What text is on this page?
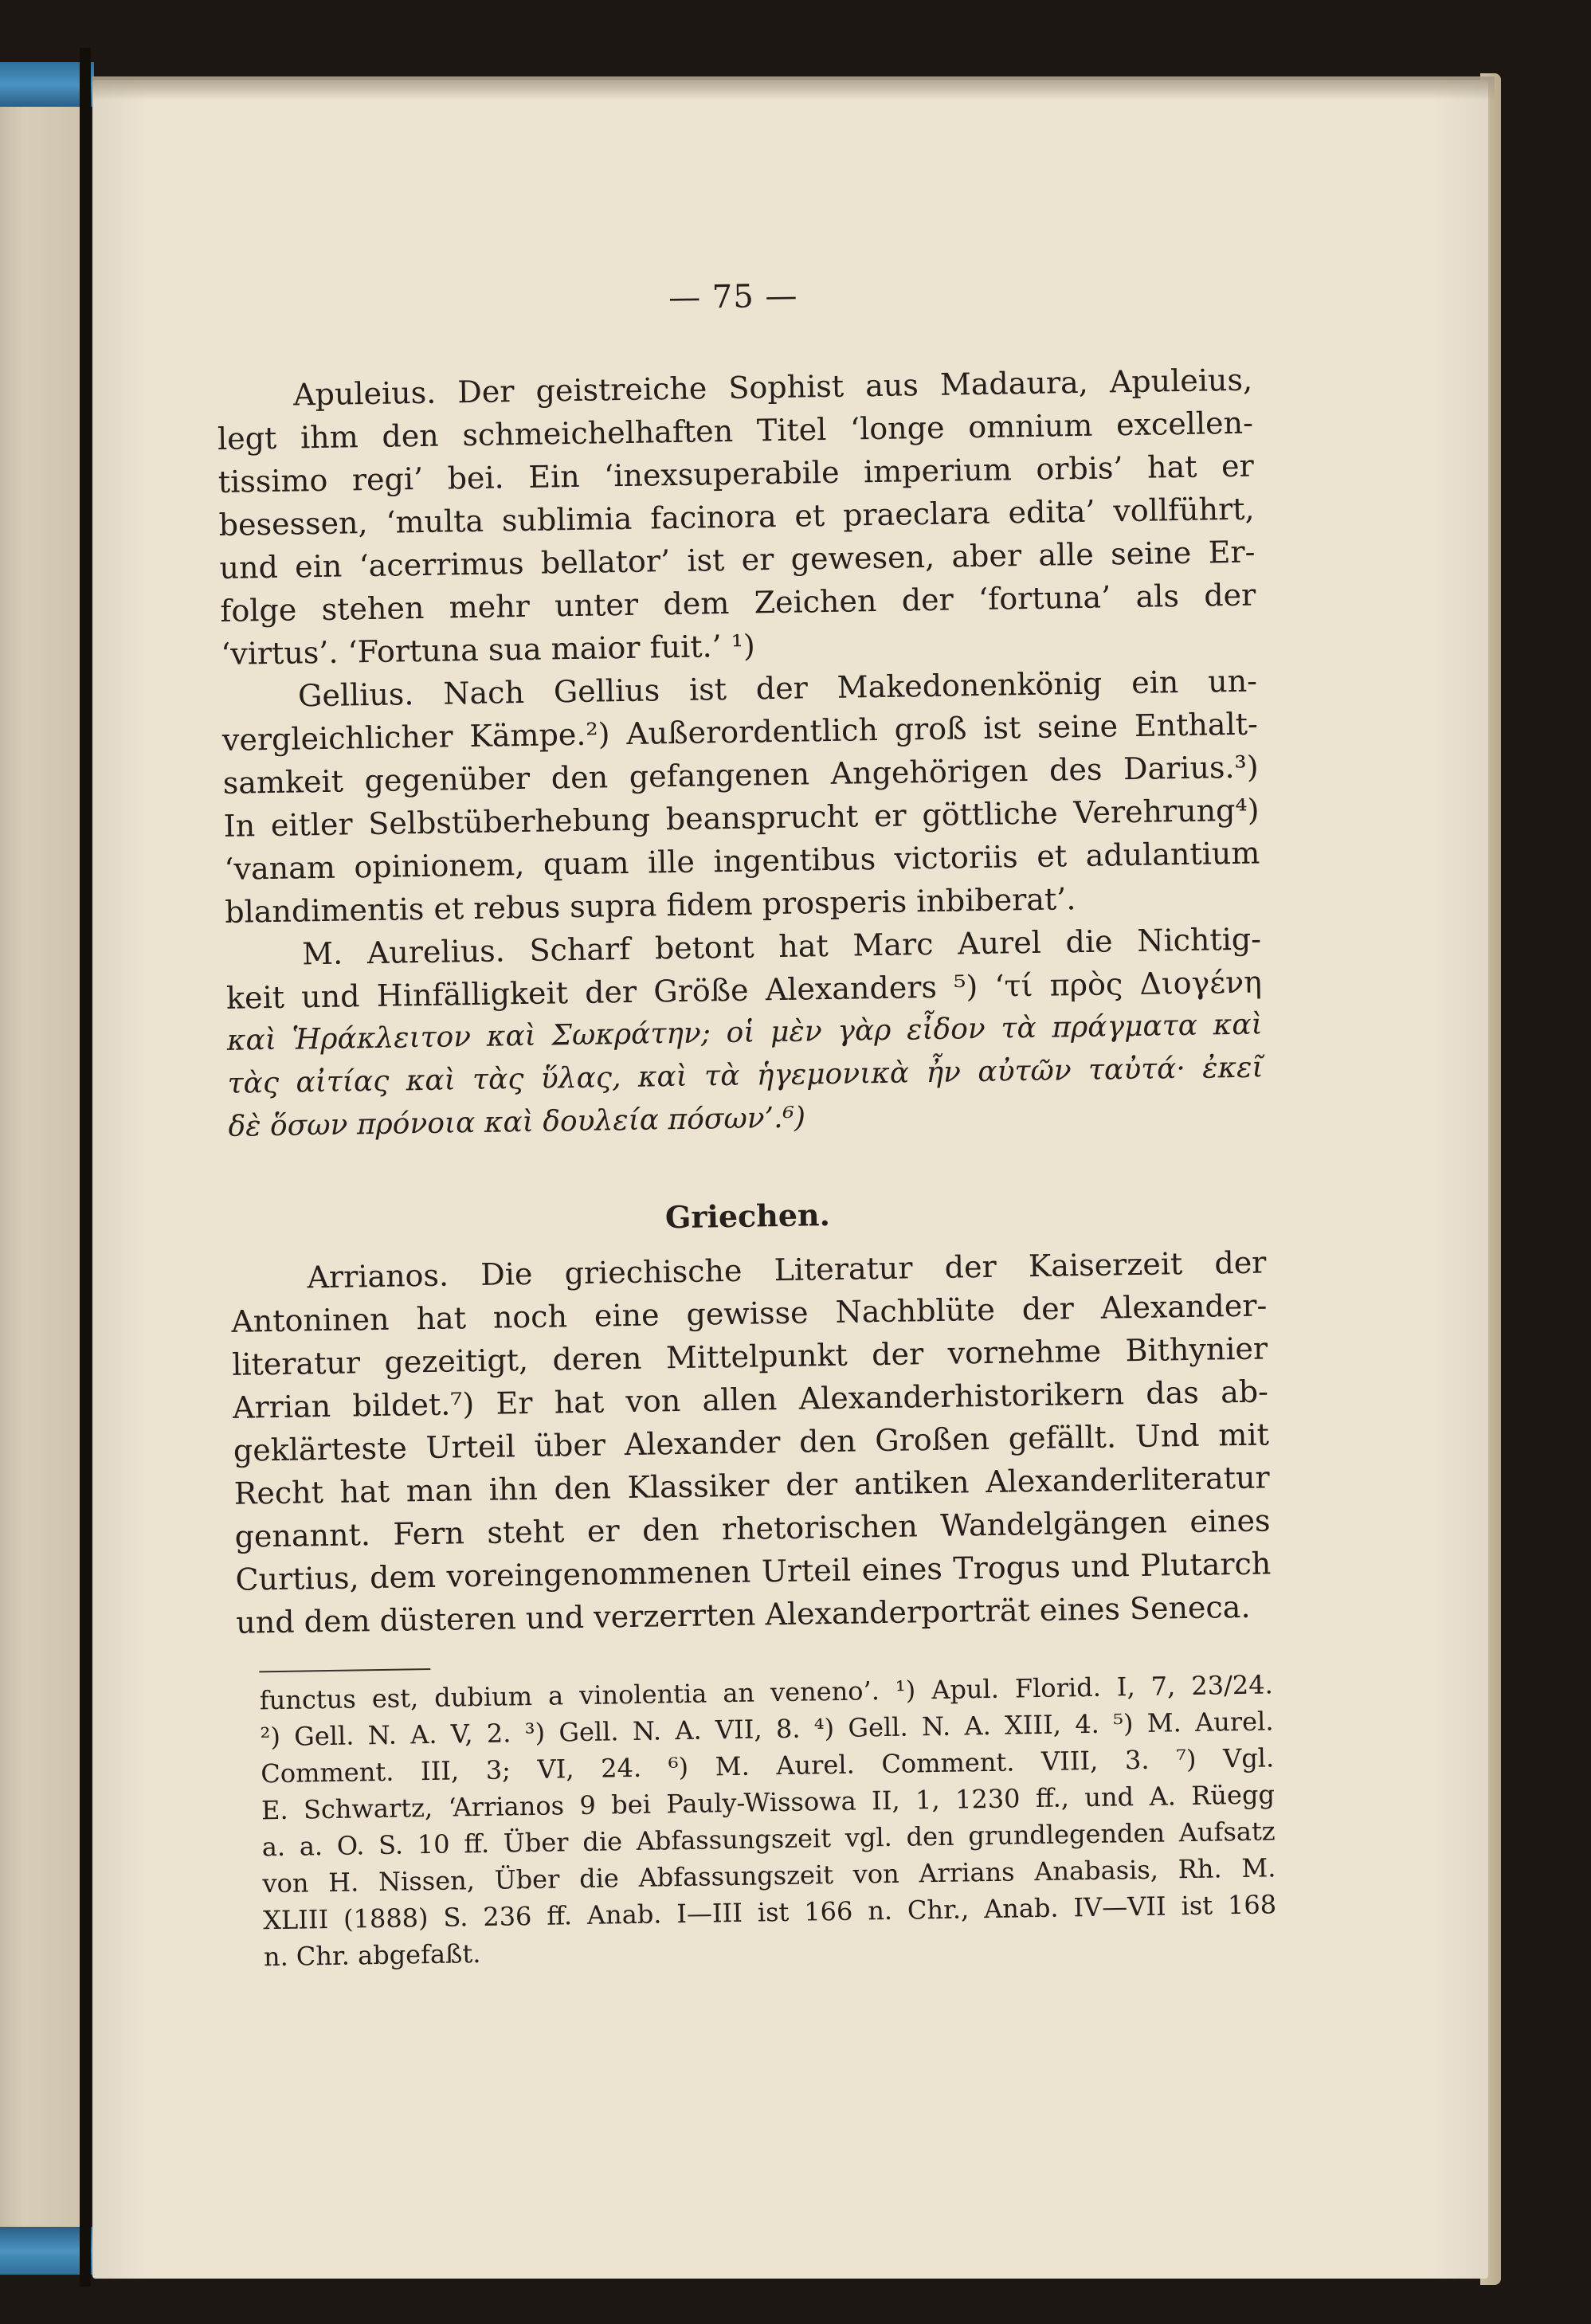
— 75 —
Apuleius. Der geistreiche Sophist aus Madaura, Apuleius,
legt ihm den schmeichelhaften Titel ‘longe omnium excellen-
tissimo regi’ bei. Ein ‘inexsuperabile imperium orbis’ hat er
besessen, ‘multa sublimia facinora et praeclara edita’ vollführt,
und ein ‘acerrimus bellator’ ist er gewesen, aber alle seine Er-
folge stehen mehr unter dem Zeichen der ‘fortuna’ als der
‘virtus’. ‘Fortuna sua maior fuit.’ ¹)
Gellius. Nach Gellius ist der Makedonenkönig ein un-
vergleichlicher Kämpe.²) Außerordentlich groß ist seine Enthalt-
samkeit gegenüber den gefangenen Angehörigen des Darius.³)
In eitler Selbstüberhebung beansprucht er göttliche Verehrung⁴)
‘vanam opinionem, quam ille ingentibus victoriis et adulantium
blandimentis et rebus supra fidem prosperis inbiberat’.
M. Aurelius. Scharf betont hat Marc Aurel die Nichtig-
keit und Hinfälligkeit der Größe Alexanders ⁵) ‘τί πρὸς Διογένη
καὶ Ἡράκλειτον καὶ Σωκράτην; οἱ μὲν γὰρ εἶδον τὰ πράγματα καὶ
τὰς αἰτίας καὶ τὰς ὕλας, καὶ τὰ ἡγεμονικὰ ἦν αὐτῶν ταὐτά· ἐκεῖ
δὲ ὅσων πρόνοια καὶ δουλεία πόσων’.⁶)
Griechen.
Arrianos. Die griechische Literatur der Kaiserzeit der
Antoninen hat noch eine gewisse Nachblüte der Alexander-
literatur gezeitigt, deren Mittelpunkt der vornehme Bithynier
Arrian bildet.⁷) Er hat von allen Alexanderhistorikern das ab-
geklärteste Urteil über Alexander den Großen gefällt. Und mit
Recht hat man ihn den Klassiker der antiken Alexanderliteratur
genannt. Fern steht er den rhetorischen Wandelgängen eines
Curtius, dem voreingenommenen Urteil eines Trogus und Plutarch
und dem düsteren und verzerrten Alexanderporträt eines Seneca.
functus est, dubium a vinolentia an veneno’. ¹) Apul. Florid. I, 7, 23/24.
²) Gell. N. A. V, 2. ³) Gell. N. A. VII, 8. ⁴) Gell. N. A. XIII, 4. ⁵) M. Aurel.
Comment. III, 3; VI, 24. ⁶) M. Aurel. Comment. VIII, 3. ⁷) Vgl.
E. Schwartz, ‘Arrianos 9 bei Pauly-Wissowa II, 1, 1230 ff., und A. Rüegg
a. a. O. S. 10 ff. Über die Abfassungszeit vgl. den grundlegenden Aufsatz
von H. Nissen, Über die Abfassungszeit von Arrians Anabasis, Rh. M.
XLIII (1888) S. 236 ff. Anab. I—III ist 166 n. Chr., Anab. IV—VII ist 168
n. Chr. abgefaßt.
